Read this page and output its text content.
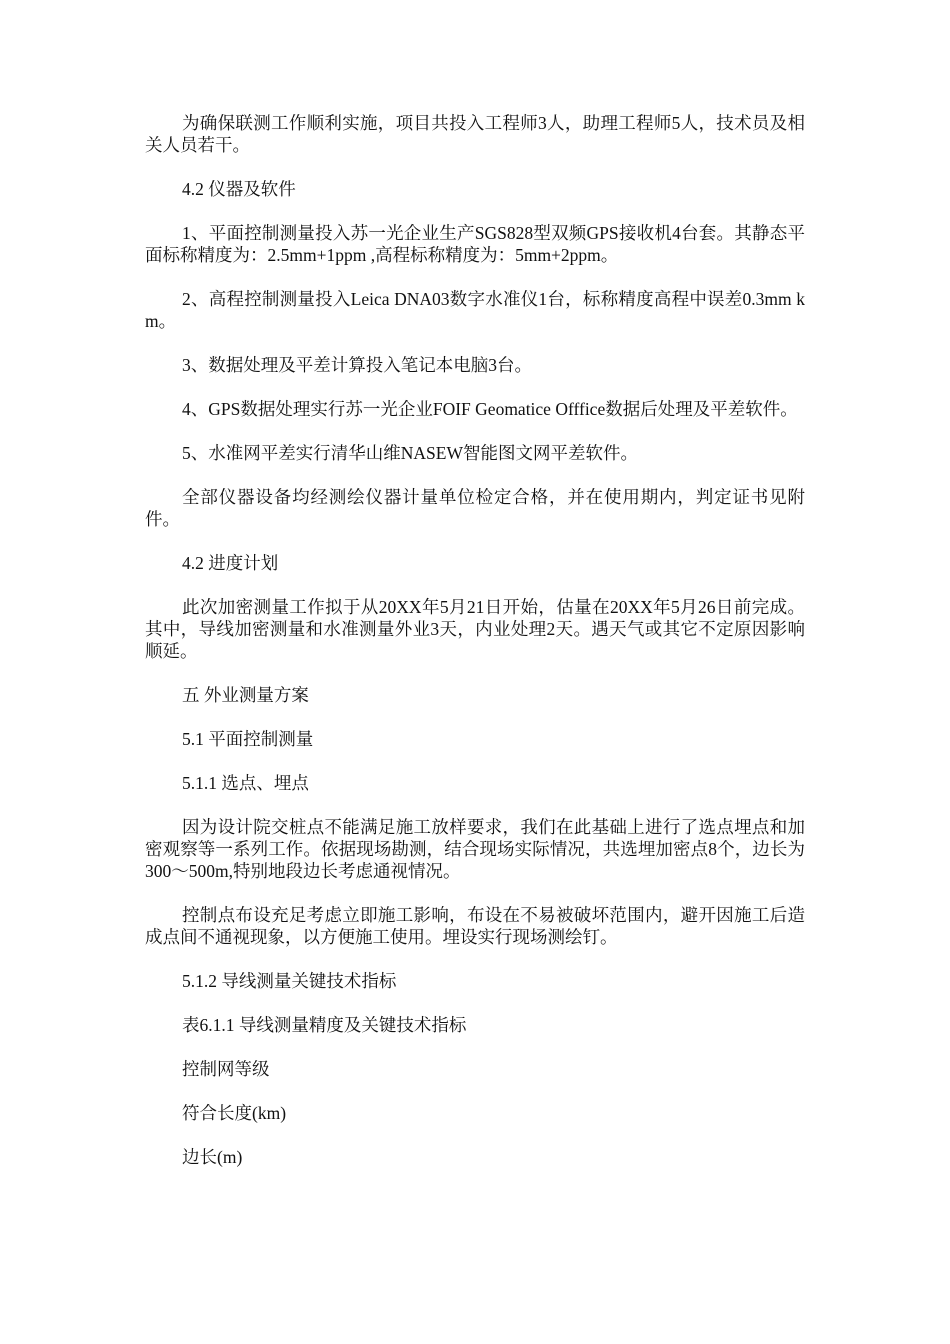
为确保联测工作顺利实施，项目共投入工程师3人，助理工程师5人，技术员及相关人员若干。

4.2 仪器及软件

1、平面控制测量投入苏一光企业生产SGS828型双频GPS接收机4台套。其静态平面标称精度为：2.5mm+1ppm ,高程标称精度为：5mm+2ppm。

2、高程控制测量投入Leica DNA03数字水准仪1台，标称精度高程中误差0.3mm km。

3、数据处理及平差计算投入笔记本电脑3台。

4、GPS数据处理实行苏一光企业FOIF Geomatice Offfice数据后处理及平差软件。

5、水准网平差实行清华山维NASEW智能图文网平差软件。

全部仪器设备均经测绘仪器计量单位检定合格，并在使用期内，判定证书见附件。

4.2 进度计划

此次加密测量工作拟于从20XX年5月21日开始，估量在20XX年5月26日前完成。其中，导线加密测量和水准测量外业3天，内业处理2天。遇天气或其它不定原因影响顺延。

五 外业测量方案

5.1 平面控制测量

5.1.1 选点、埋点

因为设计院交桩点不能满足施工放样要求，我们在此基础上进行了选点埋点和加密观察等一系列工作。依据现场勘测，结合现场实际情况，共选埋加密点8个，边长为300～500m,特别地段边长考虑通视情况。

控制点布设充足考虑立即施工影响，布设在不易被破坏范围内，避开因施工后造成点间不通视现象，以方便施工使用。埋设实行现场测绘钉。

5.1.2 导线测量关键技术指标

表6.1.1 导线测量精度及关键技术指标

控制网等级

符合长度(km)

边长(m)
